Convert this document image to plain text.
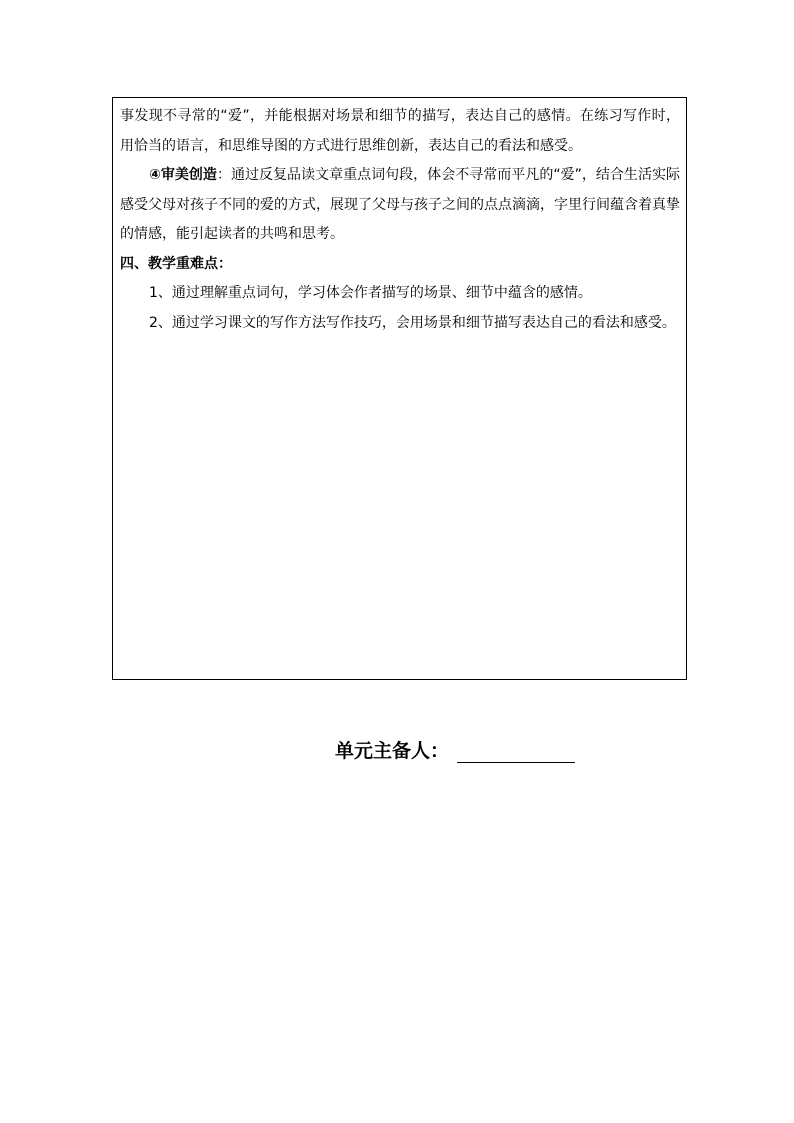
事发现不寻常的“爱”，并能根据对场景和细节的描写，表达自己的感情。在练习写作时，用恰当的语言，和思维导图的方式进行思维创新，表达自己的看法和感受。

④审美创造：通过反复品读文章重点词句段，体会不寻常而平凡的“爱”，结合生活实际感受父母对孩子不同的爱的方式，展现了父母与孩子之间的点点滴滴，字里行间蕴含着真挚的情感，能引起读者的共鸣和思考。

四、教学重难点：

1、通过理解重点词句，学习体会作者描写的场景、细节中蕴含的感情。

2、通过学习课文的写作方法写作技巧，会用场景和细节描写表达自己的看法和感受。

单元主备人：
